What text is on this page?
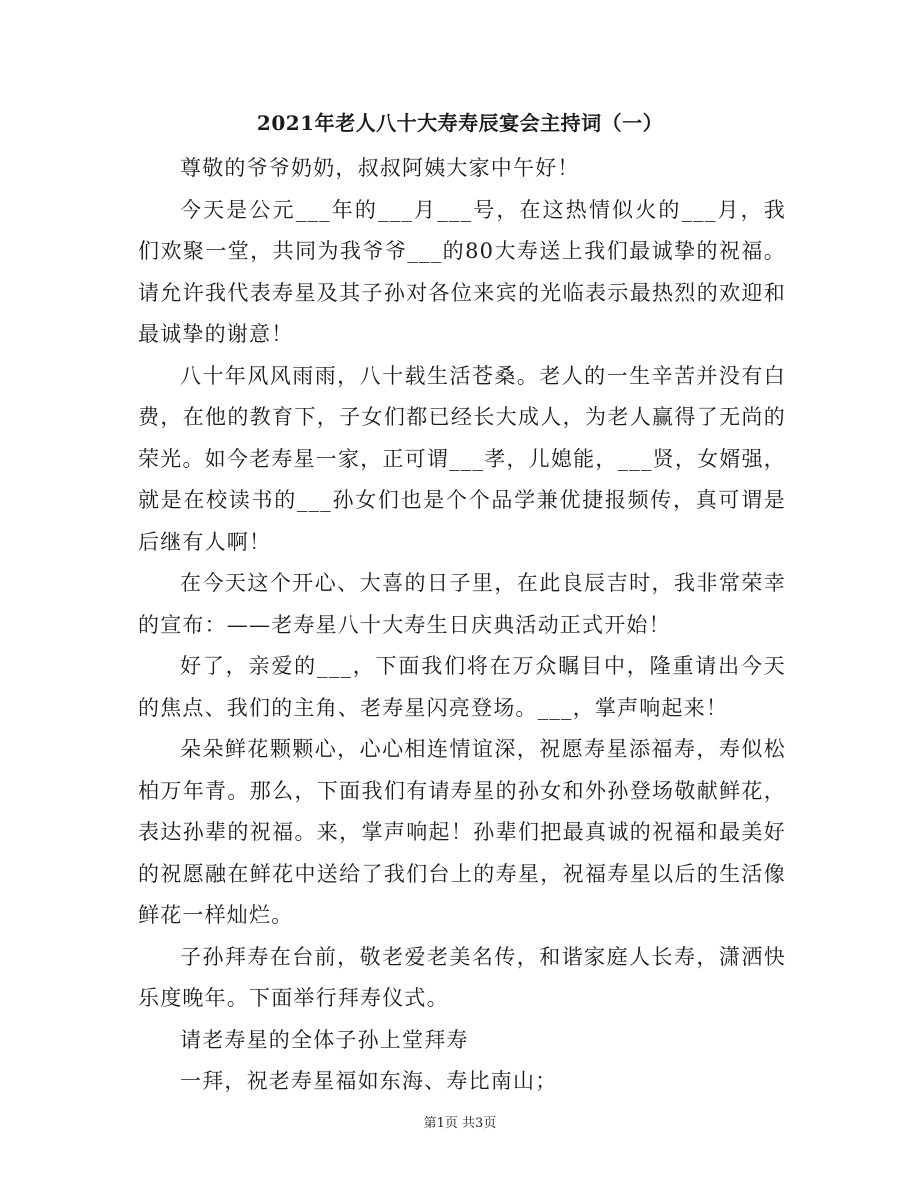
2021年老人八十大寿寿辰宴会主持词（一）

尊敬的爷爷奶奶，叔叔阿姨大家中午好！

今天是公元___年的___月___号，在这热情似火的___月，我们欢聚一堂，共同为我爷爷___的80大寿送上我们最诚挚的祝福。请允许我代表寿星及其子孙对各位来宾的光临表示最热烈的欢迎和最诚挚的谢意！

八十年风风雨雨，八十载生活苍桑。老人的一生辛苦并没有白费，在他的教育下，子女们都已经长大成人，为老人赢得了无尚的荣光。如今老寿星一家，正可谓___孝，儿媳能，___贤，女婿强，就是在校读书的___孙女们也是个个品学兼优捷报频传，真可谓是后继有人啊！

在今天这个开心、大喜的日子里，在此良辰吉时，我非常荣幸的宣布：——老寿星八十大寿生日庆典活动正式开始！

好了，亲爱的___，下面我们将在万众瞩目中，隆重请出今天的焦点、我们的主角、老寿星闪亮登场。___，掌声响起来！

朵朵鲜花颗颗心，心心相连情谊深，祝愿寿星添福寿，寿似松柏万年青。那么，下面我们有请寿星的孙女和外孙登场敬献鲜花，表达孙辈的祝福。来，掌声响起！孙辈们把最真诚的祝福和最美好的祝愿融在鲜花中送给了我们台上的寿星，祝福寿星以后的生活像鲜花一样灿烂。

子孙拜寿在台前，敬老爱老美名传，和谐家庭人长寿，潇洒快乐度晚年。下面举行拜寿仪式。

请老寿星的全体子孙上堂拜寿

一拜，祝老寿星福如东海、寿比南山；

第1页 共3页
